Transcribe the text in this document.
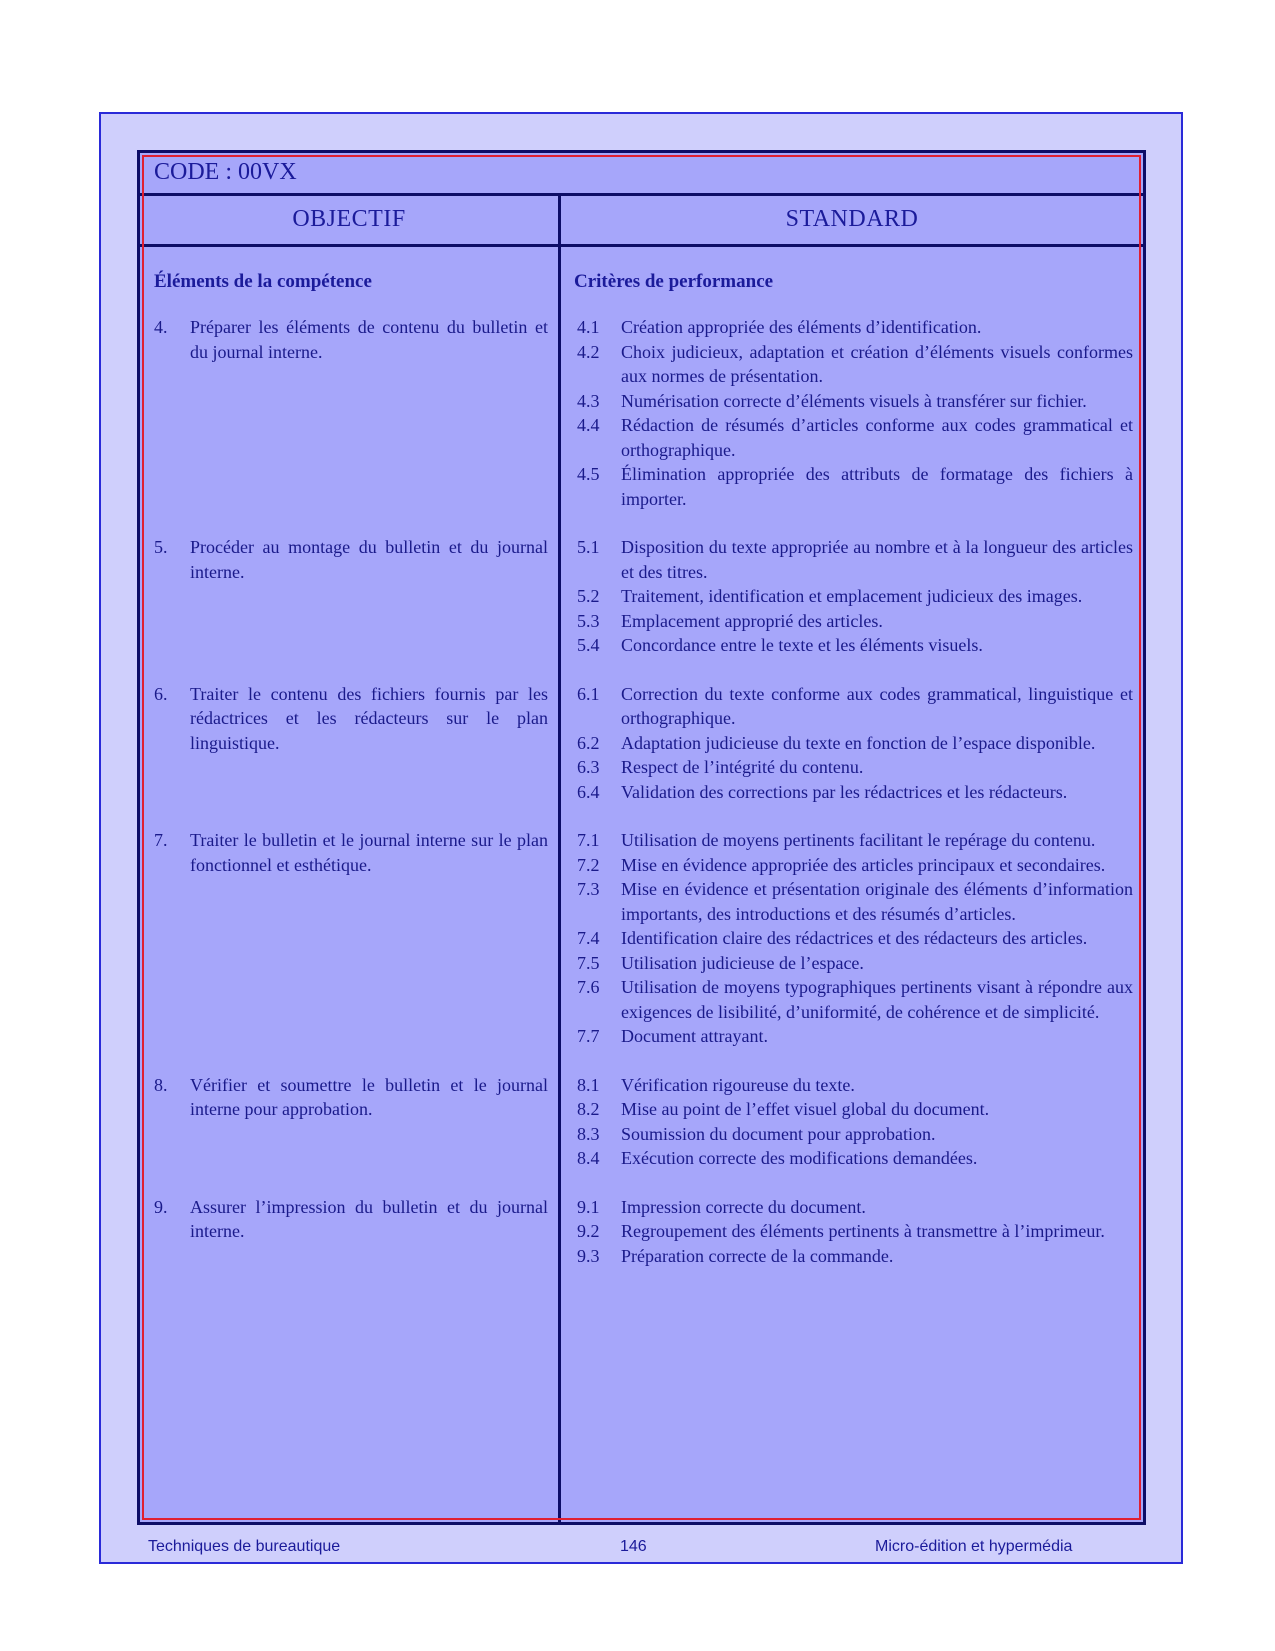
CODE : 00VX
OBJECTIF	STANDARD
Éléments de la compétence	Critères de performance
4.	Préparer les éléments de contenu du bulletin et du journal interne.
4.1	Création appropriée des éléments d’identification.
4.2	Choix judicieux, adaptation et création d’éléments visuels conformes aux normes de présentation.
4.3	Numérisation correcte d’éléments visuels à transférer sur fichier.
4.4	Rédaction de résumés d’articles conforme aux codes grammatical et orthographique.
4.5	Élimination appropriée des attributs de formatage des fichiers à importer.
5.	Procéder au montage du bulletin et du journal interne.
5.1	Disposition du texte appropriée au nombre et à la longueur des articles et des titres.
5.2	Traitement, identification et emplacement judicieux des images.
5.3	Emplacement approprié des articles.
5.4	Concordance entre le texte et les éléments visuels.
6.	Traiter le contenu des fichiers fournis par les rédactrices et les rédacteurs sur le plan linguistique.
6.1	Correction du texte conforme aux codes grammatical, linguistique et orthographique.
6.2	Adaptation judicieuse du texte en fonction de l’espace disponible.
6.3	Respect de l’intégrité du contenu.
6.4	Validation des corrections par les rédactrices et les rédacteurs.
7.	Traiter le bulletin et le journal interne sur le plan fonctionnel et esthétique.
7.1	Utilisation de moyens pertinents facilitant le repérage du contenu.
7.2	Mise en évidence appropriée des articles principaux et secondaires.
7.3	Mise en évidence et présentation originale des éléments d’information importants, des introductions et des résumés d’articles.
7.4	Identification claire des rédactrices et des rédacteurs des articles.
7.5	Utilisation judicieuse de l’espace.
7.6	Utilisation de moyens typographiques pertinents visant à répondre aux exigences de lisibilité, d’uniformité, de cohérence et de simplicité.
7.7	Document attrayant.
8.	Vérifier et soumettre le bulletin et le journal interne pour approbation.
8.1	Vérification rigoureuse du texte.
8.2	Mise au point de l’effet visuel global du document.
8.3	Soumission du document pour approbation.
8.4	Exécution correcte des modifications demandées.
9.	Assurer l’impression du bulletin et du journal interne.
9.1	Impression correcte du document.
9.2	Regroupement des éléments pertinents à transmettre à l’imprimeur.
9.3	Préparation correcte de la commande.
Techniques de bureautique	146	Micro-édition et hypermédia
